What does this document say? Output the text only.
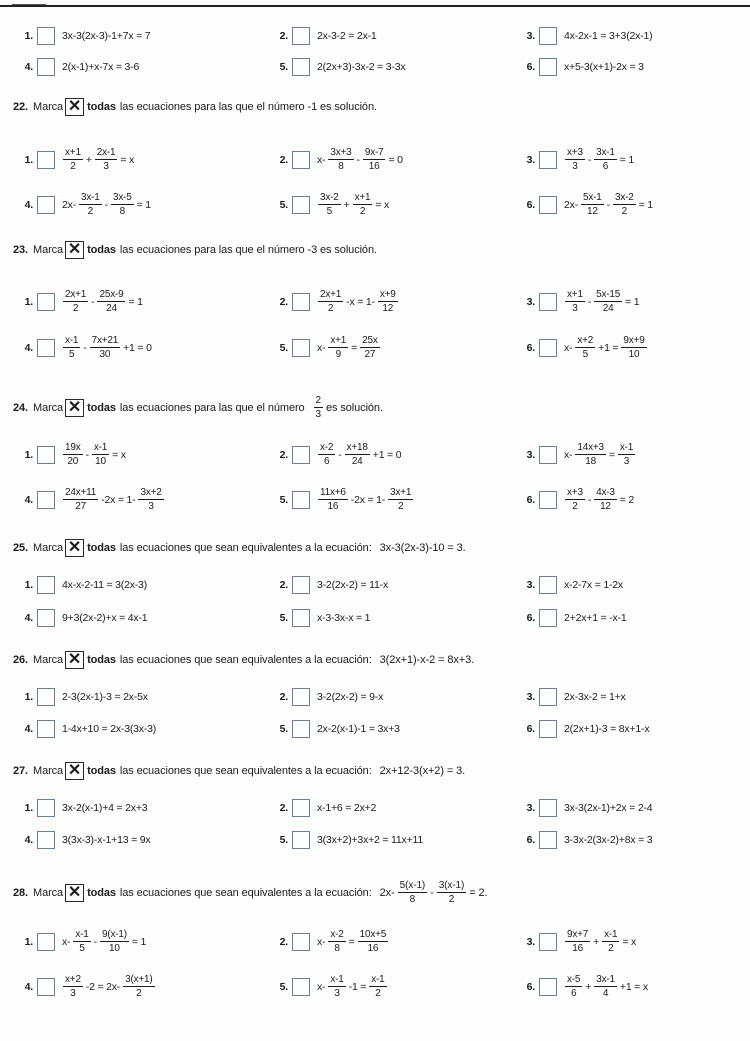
1.	3x-3(2x-3)-1+7x = 7	2.	2x-3-2 = 2x-1	3.	4x-2x-1 = 3+3(2x-1)
4.	2(x-1)+x-7x = 3-6	5.	2(2x+3)-3x-2 = 3-3x	6.	x+5-3(x+1)-2x = 3
22. Marca ✕ todas las ecuaciones para las que el número -1 es solución.
1.	$\frac{x+1}{2} + \frac{2x-1}{3} = x$	2.	$x- \frac{3x+3}{8} - \frac{9x-7}{16} = 0$	3.	$\frac{x+3}{3} - \frac{3x-1}{6} = 1$
4.	$2x- \frac{3x-1}{2} - \frac{3x-5}{8} = 1$	5.	$\frac{3x-2}{5} + \frac{x+1}{2} = x$	6.	$2x- \frac{5x-1}{12} - \frac{3x-2}{2} = 1$
23. Marca ✕ todas las ecuaciones para las que el número -3 es solución.
1.	$\frac{2x+1}{2} - \frac{25x-9}{24} = 1$	2.	$\frac{2x+1}{2} -x = 1- \frac{x+9}{12}$	3.	$\frac{x+1}{3} - \frac{5x-15}{24} = 1$
4.	$\frac{x-1}{5} - \frac{7x+21}{30} +1 = 0$	5.	$x- \frac{x+1}{9} = \frac{25x}{27}$	6.	$x- \frac{x+2}{5} +1 = \frac{9x+9}{10}$
24. Marca ✕ todas las ecuaciones para las que el número $\frac{2}{3}$ es solución.
1.	$\frac{19x}{20} - \frac{x-1}{10} = x$	2.	$\frac{x-2}{6} - \frac{x+18}{24} +1 = 0$	3.	$x- \frac{14x+3}{18} = \frac{x-1}{3}$
4.	$\frac{24x+11}{27} -2x = 1- \frac{3x+2}{3}$	5.	$\frac{11x+6}{16} -2x = 1- \frac{3x+1}{2}$	6.	$\frac{x+3}{2} - \frac{4x-3}{12} = 2$
25. Marca ✕ todas las ecuaciones que sean equivalentes a la ecuación: 3x-3(2x-3)-10 = 3.
1.	4x-x-2-11 = 3(2x-3)	2.	3-2(2x-2) = 11-x	3.	x-2-7x = 1-2x
4.	9+3(2x-2)+x = 4x-1	5.	x-3-3x-x = 1	6.	2+2x+1 = -x-1
26. Marca ✕ todas las ecuaciones que sean equivalentes a la ecuación: 3(2x+1)-x-2 = 8x+3.
1.	2-3(2x-1)-3 = 2x-5x	2.	3-2(2x-2) = 9-x	3.	2x-3x-2 = 1+x
4.	1-4x+10 = 2x-3(3x-3)	5.	2x-2(x-1)-1 = 3x+3	6.	2(2x+1)-3 = 8x+1-x
27. Marca ✕ todas las ecuaciones que sean equivalentes a la ecuación: 2x+12-3(x+2) = 3.
1.	3x-2(x-1)+4 = 2x+3	2.	x-1+6 = 2x+2	3.	3x-3(2x-1)+2x = 2-4
4.	3(3x-3)-x-1+13 = 9x	5.	3(3x+2)+3x+2 = 11x+11	6.	3-3x-2(3x-2)+8x = 3
28. Marca ✕ todas las ecuaciones que sean equivalentes a la ecuación: $2x- \frac{5(x-1)}{8} - \frac{3(x-1)}{2} = 2$.
1.	$x- \frac{x-1}{5} - \frac{9(x-1)}{10} = 1$	2.	$x- \frac{x-2}{8} = \frac{10x+5}{16}$	3.	$\frac{9x+7}{16} + \frac{x-1}{2} = x$
4.	$\frac{x+2}{3} -2 = 2x- \frac{3(x+1)}{2}$	5.	$x- \frac{x-1}{3} -1 = \frac{x-1}{2}$	6.	$\frac{x-5}{6} + \frac{3x-1}{4} +1 = x$
